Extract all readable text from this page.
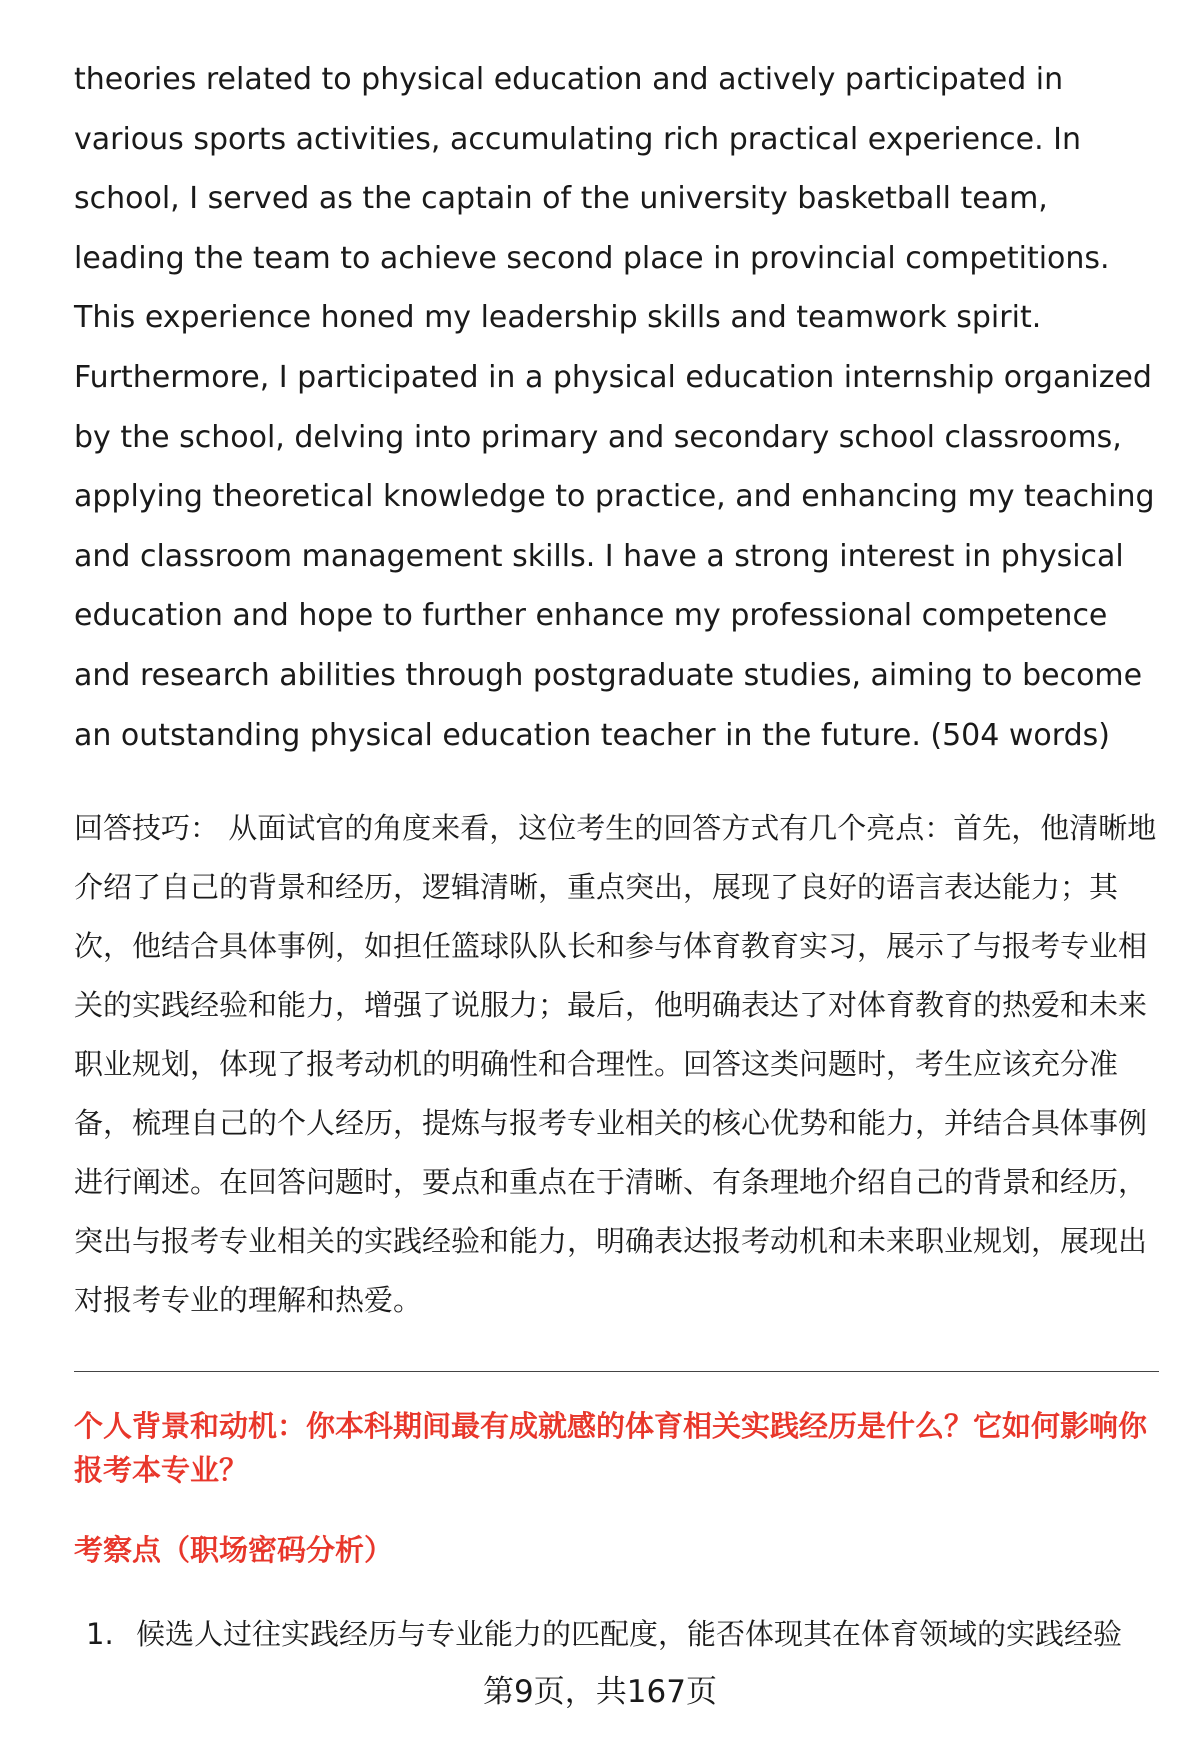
theories related to physical education and actively participated in various sports activities, accumulating rich practical experience. In school, I served as the captain of the university basketball team, leading the team to achieve second place in provincial competitions. This experience honed my leadership skills and teamwork spirit. Furthermore, I participated in a physical education internship organized by the school, delving into primary and secondary school classrooms, applying theoretical knowledge to practice, and enhancing my teaching and classroom management skills. I have a strong interest in physical education and hope to further enhance my professional competence and research abilities through postgraduate studies, aiming to become an outstanding physical education teacher in the future. (504 words)

回答技巧： 从面试官的角度来看，这位考生的回答方式有几个亮点：首先，他清晰地介绍了自己的背景和经历，逻辑清晰，重点突出，展现了良好的语言表达能力；其次，他结合具体事例，如担任篮球队队长和参与体育教育实习，展示了与报考专业相关的实践经验和能力，增强了说服力；最后，他明确表达了对体育教育的热爱和未来职业规划，体现了报考动机的明确性和合理性。回答这类问题时，考生应该充分准备，梳理自己的个人经历，提炼与报考专业相关的核心优势和能力，并结合具体事例进行阐述。在回答问题时，要点和重点在于清晰、有条理地介绍自己的背景和经历，突出与报考专业相关的实践经验和能力，明确表达报考动机和未来职业规划，展现出对报考专业的理解和热爱。

个人背景和动机：你本科期间最有成就感的体育相关实践经历是什么？它如何影响你报考本专业？

考察点（职场密码分析）

1. 候选人过往实践经历与专业能力的匹配度，能否体现其在体育领域的实践经验
第9页，共167页
